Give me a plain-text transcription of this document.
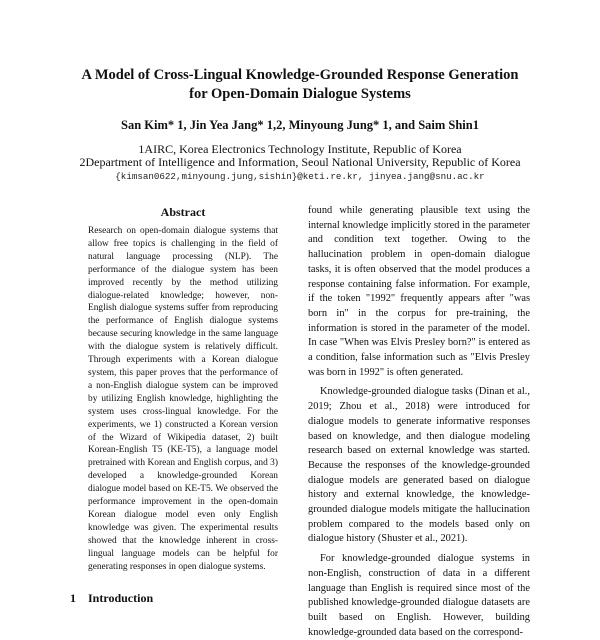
A Model of Cross-Lingual Knowledge-Grounded Response Generation
for Open-Domain Dialogue Systems
San Kim* 1, Jin Yea Jang* 1,2, Minyoung Jung* 1, and Saim Shin1
1AIRC, Korea Electronics Technology Institute, Republic of Korea
2Department of Intelligence and Information, Seoul National University, Republic of Korea
{kimsan0622,minyoung.jung,sishin}@keti.re.kr, jinyea.jang@snu.ac.kr
Abstract

Research on open-domain dialogue systems that allow free topics is challenging in the field of natural language processing (NLP). The performance of the dialogue system has been improved recently by the method utilizing dialogue-related knowledge; however, non-English dialogue systems suffer from reproducing the performance of English dialogue systems because securing knowledge in the same language with the dialogue system is relatively difficult. Through experiments with a Korean dialogue system, this paper proves that the performance of a non-English dialogue system can be improved by utilizing English knowledge, highlighting the system uses cross-lingual knowledge. For the experiments, we 1) constructed a Korean version of the Wizard of Wikipedia dataset, 2) built Korean-English T5 (KE-T5), a language model pretrained with Korean and English corpus, and 3) developed a knowledge-grounded Korean dialogue model based on KE-T5. We observed the performance improvement in the open-domain Korean dialogue model even only English knowledge was given. The experimental results showed that the knowledge inherent in cross-lingual language models can be helpful for generating responses in open dialogue systems.

1 Introduction

found while generating plausible text using the internal knowledge implicitly stored in the parameter and condition text together. Owing to the hallucination problem in open-domain dialogue tasks, it is often observed that the model produces a response containing false information. For example, if the token "1992" frequently appears after "was born in" in the corpus for pre-training, the information is stored in the parameter of the model. In case "When was Elvis Presley born?" is entered as a condition, false information such as "Elvis Presley was born in 1992" is often generated.

Knowledge-grounded dialogue tasks (Dinan et al., 2019; Zhou et al., 2018) were introduced for dialogue models to generate informative responses based on knowledge, and then dialogue modeling research based on external knowledge was started. Because the responses of the knowledge-grounded dialogue models are generated based on dialogue history and external knowledge, the knowledge-grounded dialogue models mitigate the hallucination problem compared to the models based only on dialogue history (Shuster et al., 2021).

For knowledge-grounded dialogue systems in non-English, construction of data in a different language than English is required since most of the published knowledge-grounded dialogue datasets are built based on English. However, building knowledge-grounded data based on the correspond-
